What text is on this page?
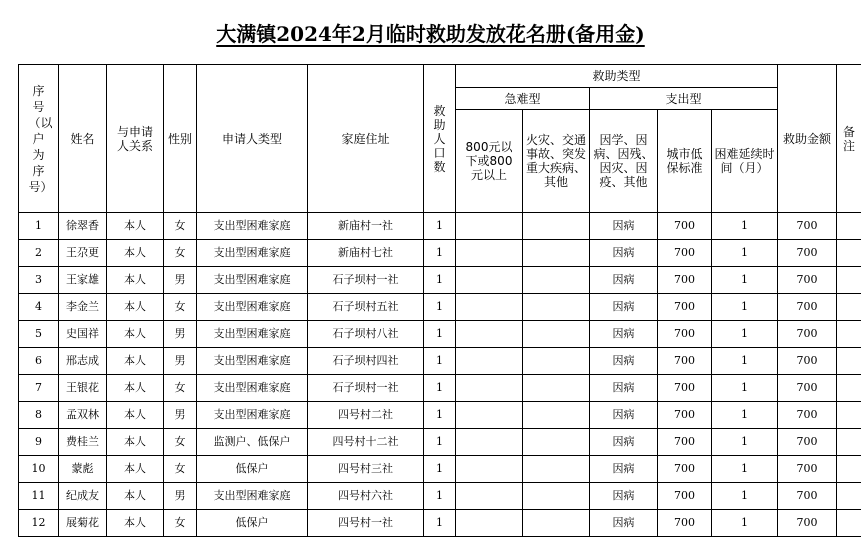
大满镇2024年2月临时救助发放花名册(备用金)
序号（以户为序号）	姓名	与申请人关系	性别	申请人类型	家庭住址	救助人口数	救助类型					救助金额	备注

							急难型		支出型				

							800元以下或800元以上	火灾、交通事故、突发重大疾病、其他	因学、因病、因残、因灾、因疫、其他	城市低保标准	困难延续时间（月）		

1	徐翠香	本人	女	支出型困难家庭	新庙村一社	1			因病	700	1	700	
2	王尕更	本人	女	支出型困难家庭	新庙村七社	1			因病	700	1	700	
3	王家雄	本人	男	支出型困难家庭	石子坝村一社	1			因病	700	1	700	
4	李金兰	本人	女	支出型困难家庭	石子坝村五社	1			因病	700	1	700	
5	史国祥	本人	男	支出型困难家庭	石子坝村八社	1			因病	700	1	700	
6	邢志成	本人	男	支出型困难家庭	石子坝村四社	1			因病	700	1	700	
7	王银花	本人	女	支出型困难家庭	石子坝村一社	1			因病	700	1	700	
8	孟双林	本人	男	支出型困难家庭	四号村二社	1			因病	700	1	700	
9	费桂兰	本人	女	监测户、低保户	四号村十二社	1			因病	700	1	700	
10	蒙彪	本人	女	低保户	四号村三社	1			因病	700	1	700	
11	纪成友	本人	男	支出型困难家庭	四号村六社	1			因病	700	1	700	
12	展菊花	本人	女	低保户	四号村一社	1			因病	700	1	700	
